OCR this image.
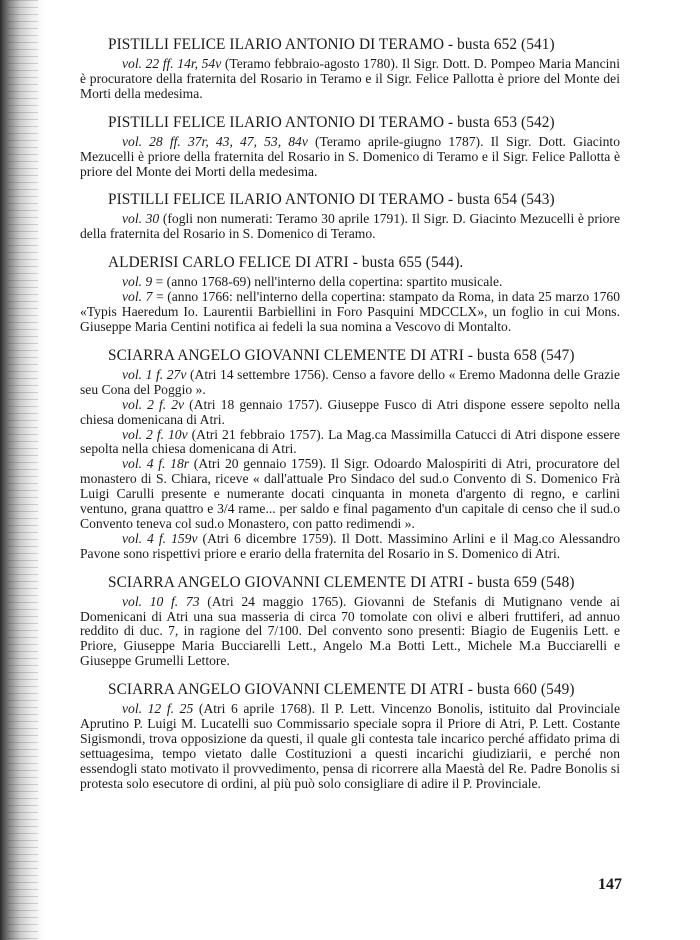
PISTILLI FELICE ILARIO ANTONIO DI TERAMO - busta 652 (541)

vol. 22 ff. 14r, 54v (Teramo febbraio-agosto 1780). Il Sigr. Dott. D. Pompeo Maria Mancini è procuratore della fraternita del Rosario in Teramo e il Sigr. Felice Pallotta è priore del Monte dei Morti della medesima.

PISTILLI FELICE ILARIO ANTONIO DI TERAMO - busta 653 (542)

vol. 28 ff. 37r, 43, 47, 53, 84v (Teramo aprile-giugno 1787). Il Sigr. Dott. Giacinto Mezucelli è priore della fraternita del Rosario in S. Domenico di Teramo e il Sigr. Felice Pallotta è priore del Monte dei Morti della medesima.

PISTILLI FELICE ILARIO ANTONIO DI TERAMO - busta 654 (543)

vol. 30 (fogli non numerati: Teramo 30 aprile 1791). Il Sigr. D. Giacinto Mezucelli è priore della fraternita del Rosario in S. Domenico di Teramo.

ALDERISI CARLO FELICE DI ATRI - busta 655 (544).

vol. 9 = (anno 1768-69) nell'interno della copertina: spartito musicale.

vol. 7 = (anno 1766: nell'interno della copertina: stampato da Roma, in data 25 marzo 1760 «Typis Haeredum Io. Laurentii Barbiellini in Foro Pasquini MDCCLX», un foglio in cui Mons. Giuseppe Maria Centini notifica ai fedeli la sua nomina a Vescovo di Montalto.

SCIARRA ANGELO GIOVANNI CLEMENTE DI ATRI - busta 658 (547)

vol. 1 f. 27v (Atri 14 settembre 1756). Censo a favore dello « Eremo Madonna delle Grazie seu Cona del Poggio ».

vol. 2 f. 2v (Atri 18 gennaio 1757). Giuseppe Fusco di Atri dispone essere sepolto nella chiesa domenicana di Atri.

vol. 2 f. 10v (Atri 21 febbraio 1757). La Mag.ca Massimilla Catucci di Atri dispone essere sepolta nella chiesa domenicana di Atri.

vol. 4 f. 18r (Atri 20 gennaio 1759). Il Sigr. Odoardo Malospiriti di Atri, procuratore del monastero di S. Chiara, riceve « dall'attuale Pro Sindaco del sud.o Convento di S. Domenico Frà Luigi Carulli presente e numerante docati cinquanta in moneta d'argento di regno, e carlini ventuno, grana quattro e 3/4 rame... per saldo e final pagamento d'un capitale di censo che il sud.o Convento teneva col sud.o Monastero, con patto redimendi ».

vol. 4 f. 159v (Atri 6 dicembre 1759). Il Dott. Massimino Arlini e il Mag.co Alessandro Pavone sono rispettivi priore e erario della fraternita del Rosario in S. Domenico di Atri.

SCIARRA ANGELO GIOVANNI CLEMENTE DI ATRI - busta 659 (548)

vol. 10 f. 73 (Atri 24 maggio 1765). Giovanni de Stefanis di Mutignano vende ai Domenicani di Atri una sua masseria di circa 70 tomolate con olivi e alberi fruttiferi, ad annuo reddito di duc. 7, in ragione del 7/100. Del convento sono presenti: Biagio de Eugeniis Lett. e Priore, Giuseppe Maria Bucciarelli Lett., Angelo M.a Botti Lett., Michele M.a Bucciarelli e Giuseppe Grumelli Lettore.

SCIARRA ANGELO GIOVANNI CLEMENTE DI ATRI - busta 660 (549)

vol. 12 f. 25 (Atri 6 aprile 1768). Il P. Lett. Vincenzo Bonolis, istituito dal Provinciale Aprutino P. Luigi M. Lucatelli suo Commissario speciale sopra il Priore di Atri, P. Lett. Costante Sigismondi, trova opposizione da questi, il quale gli contesta tale incarico perché affidato prima di settuagesima, tempo vietato dalle Costituzioni a questi incarichi giudiziarii, e perché non essendogli stato motivato il provvedimento, pensa di ricorrere alla Maestà del Re. Padre Bonolis si protesta solo esecutore di ordini, al più può solo consigliare di adire il P. Provinciale.

147
